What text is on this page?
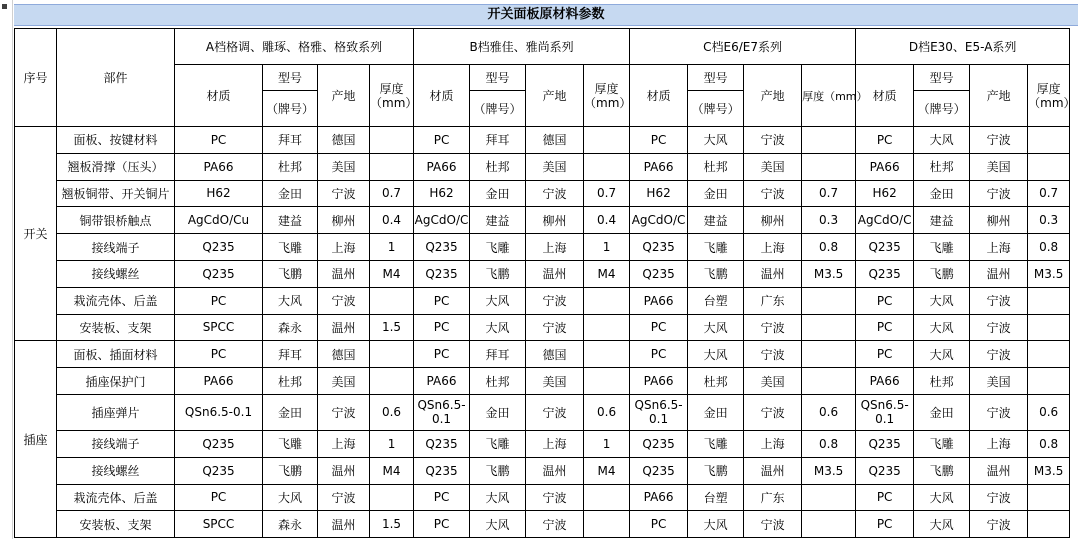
开关面板原材料参数
序号	部件	A档格调、雕琢、格雅、格致系列				B档雅佳、雅尚系列				C档E6/E7系列				D档E30、E5-A系列			
		材质	型号	产地	厚度（mm）	材质	型号	产地	厚度（mm）	材质	型号	产地	厚度（mm）	材质	型号	产地	厚度（mm）
			（牌号）				（牌号）				（牌号）				（牌号）		
开关	面板、按键材料	PC	拜耳	德国		PC	拜耳	德国		PC	大风	宁波		PC	大风	宁波	
	翘板滑撑（压头）	PA66	杜邦	美国		PA66	杜邦	美国		PA66	杜邦	美国		PA66	杜邦	美国	
	翘板铜带、开关铜片	H62	金田	宁波	0.7	H62	金田	宁波	0.7	H62	金田	宁波	0.7	H62	金田	宁波	0.7
	铜带银桥触点	AgCdO/Cu	建益	柳州	0.4	AgCdO/C	建益	柳州	0.4	AgCdO/C	建益	柳州	0.3	AgCdO/C	建益	柳州	0.3
	接线端子	Q235	飞雕	上海	1	Q235	飞雕	上海	1	Q235	飞雕	上海	0.8	Q235	飞雕	上海	0.8
	接线螺丝	Q235	飞鹏	温州	M4	Q235	飞鹏	温州	M4	Q235	飞鹏	温州	M3.5	Q235	飞鹏	温州	M3.5
	栽流壳体、后盖	PC	大风	宁波		PC	大风	宁波		PA66	台塑	广东		PC	大风	宁波	
	安装板、支架	SPCC	森永	温州	1.5	PC	大风	宁波		PC	大风	宁波		PC	大风	宁波	
插座	面板、插面材料	PC	拜耳	德国		PC	拜耳	德国		PC	大风	宁波		PC	大风	宁波	
	插座保护门	PA66	杜邦	美国		PA66	杜邦	美国		PA66	杜邦	美国		PA66	杜邦	美国	
	插座弹片	QSn6.5-0.1	金田	宁波	0.6	QSn6.5-0.1	金田	宁波	0.6	QSn6.5-0.1	金田	宁波	0.6	QSn6.5-0.1	金田	宁波	0.6
	接线端子	Q235	飞雕	上海	1	Q235	飞雕	上海	1	Q235	飞雕	上海	0.8	Q235	飞雕	上海	0.8
	接线螺丝	Q235	飞鹏	温州	M4	Q235	飞鹏	温州	M4	Q235	飞鹏	温州	M3.5	Q235	飞鹏	温州	M3.5
	栽流壳体、后盖	PC	大风	宁波		PC	大风	宁波		PA66	台塑	广东		PC	大风	宁波	
	安装板、支架	SPCC	森永	温州	1.5	PC	大风	宁波		PC	大风	宁波		PC	大风	宁波	
